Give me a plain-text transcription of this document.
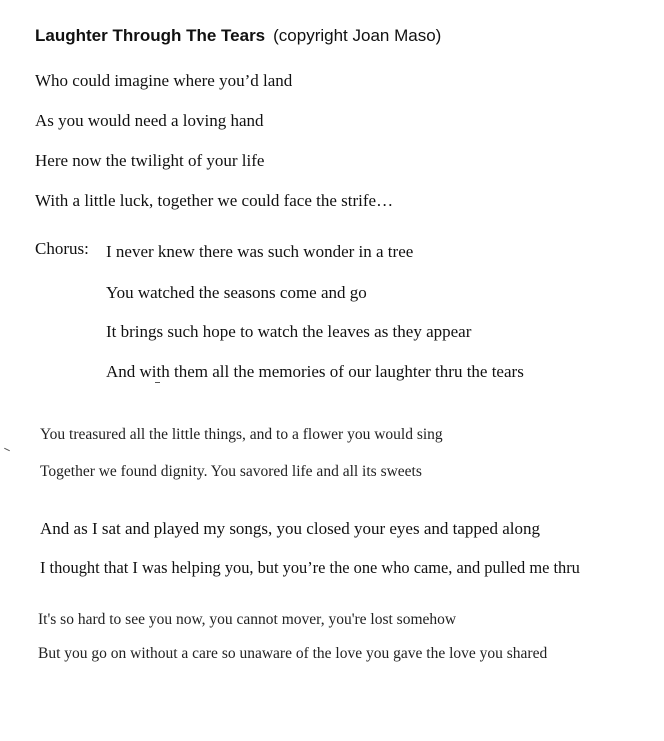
Laughter Through The Tears (copyright Joan Maso)
Who could imagine where you’d land
As you would need a loving hand
Here now the twilight of your life
With a little luck, together we could face the strife…
Chorus: I never knew there was such wonder in a tree
You watched the seasons come and go
It brings such hope to watch the leaves as they appear
And with them all the memories of our laughter thru the tears
You treasured all the little things, and to a flower you would sing
Together we found dignity. You savored life and all its sweets
And as I sat and played my songs, you closed your eyes and tapped along
I thought that I was helping you, but you’re the one who came, and pulled me thru
It's so hard to see you now, you cannot mover, you're lost somehow
But you go on without a care so unaware of the love you gave the love you shared
